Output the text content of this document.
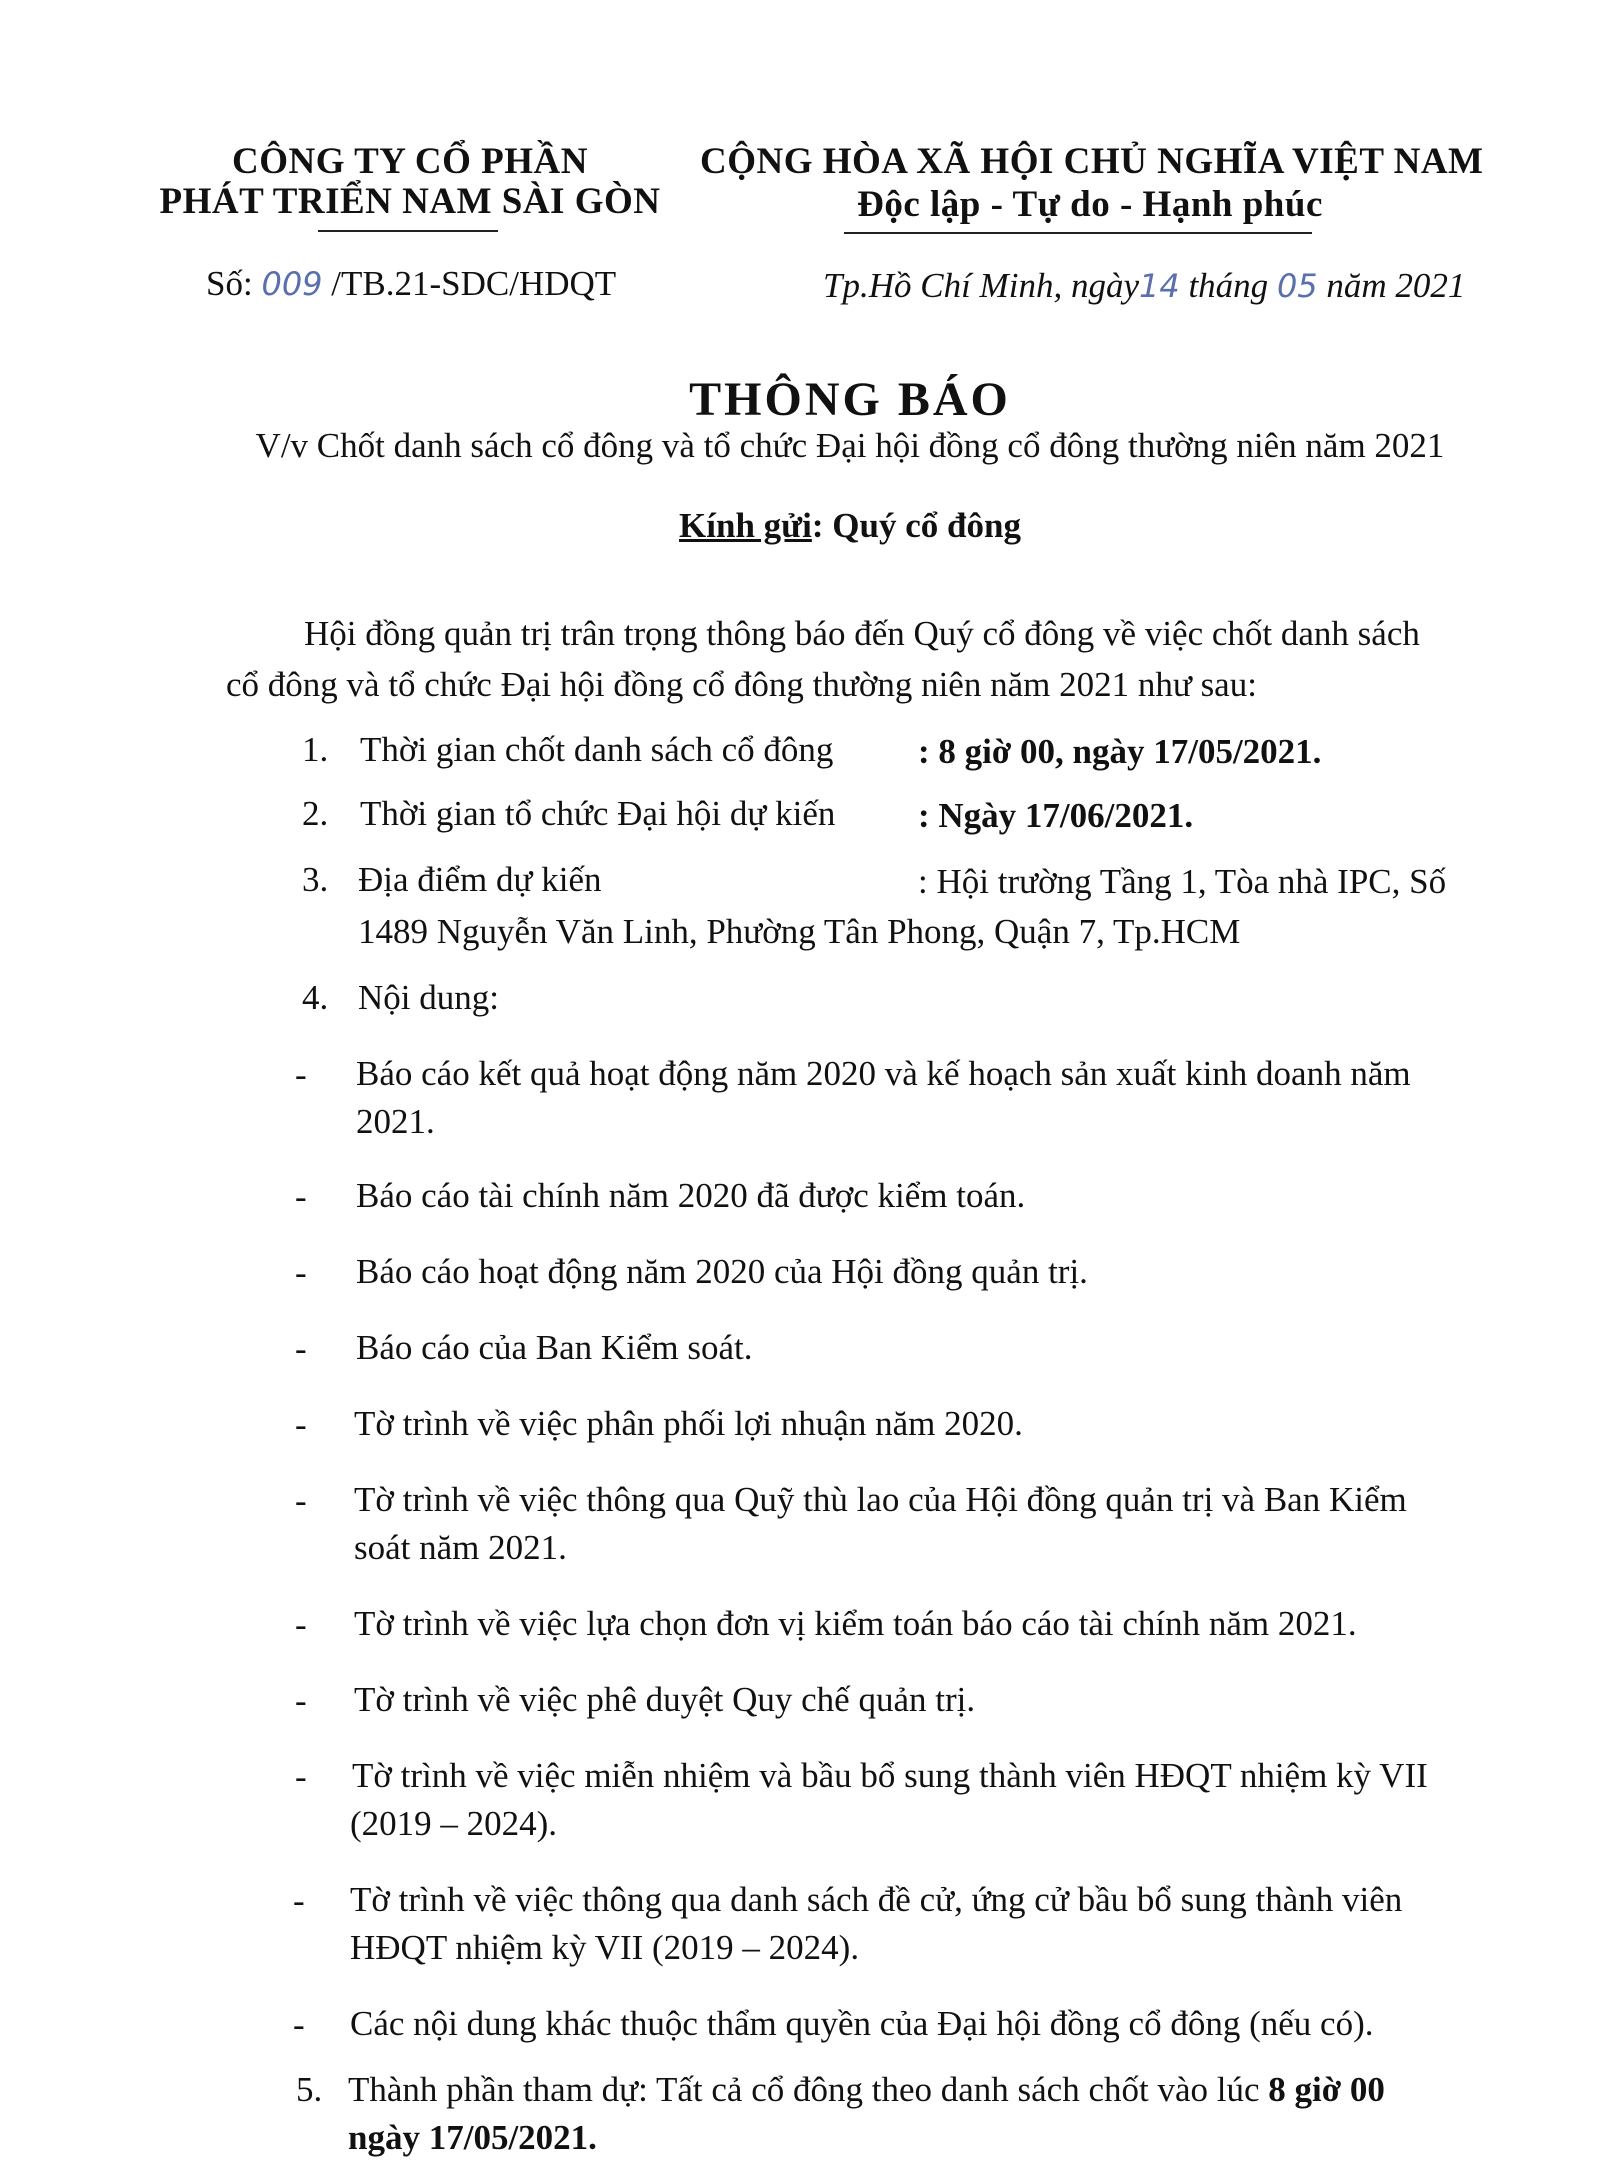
CÔNG TY CỔ PHẦN
PHÁT TRIỂN NAM SÀI GÒN
CỘNG HÒA XÃ HỘI CHỦ NGHĨA VIỆT NAM
Độc lập - Tự do - Hạnh phúc
Số: 009 /TB.21-SDC/HDQT	Tp.Hồ Chí Minh, ngày14 tháng 05 năm 2021
THÔNG BÁO
V/v Chốt danh sách cổ đông và tổ chức Đại hội đồng cổ đông thường niên năm 2021
Kính gửi: Quý cổ đông
Hội đồng quản trị trân trọng thông báo đến Quý cổ đông về việc chốt danh sách
cổ đông và tổ chức Đại hội đồng cổ đông thường niên năm 2021 như sau:
1. Thời gian chốt danh sách cổ đông : 8 giờ 00, ngày 17/05/2021.
2. Thời gian tổ chức Đại hội dự kiến : Ngày 17/06/2021.
3. Địa điểm dự kiến	: Hội trường Tầng 1, Tòa nhà IPC, Số
1489 Nguyễn Văn Linh, Phường Tân Phong, Quận 7, Tp.HCM
4. Nội dung:
- Báo cáo kết quả hoạt động năm 2020 và kế hoạch sản xuất kinh doanh năm
2021.
- Báo cáo tài chính năm 2020 đã được kiểm toán.
- Báo cáo hoạt động năm 2020 của Hội đồng quản trị.
- Báo cáo của Ban Kiểm soát.
- Tờ trình về việc phân phối lợi nhuận năm 2020.
- Tờ trình về việc thông qua Quỹ thù lao của Hội đồng quản trị và Ban Kiểm
soát năm 2021.
- Tờ trình về việc lựa chọn đơn vị kiểm toán báo cáo tài chính năm 2021.
- Tờ trình về việc phê duyệt Quy chế quản trị.
- Tờ trình về việc miễn nhiệm và bầu bổ sung thành viên HĐQT nhiệm kỳ VII
(2019 – 2024).
- Tờ trình về việc thông qua danh sách đề cử, ứng cử bầu bổ sung thành viên
HĐQT nhiệm kỳ VII (2019 – 2024).
- Các nội dung khác thuộc thẩm quyền của Đại hội đồng cổ đông (nếu có).
5. Thành phần tham dự: Tất cả cổ đông theo danh sách chốt vào lúc 8 giờ 00
ngày 17/05/2021.
